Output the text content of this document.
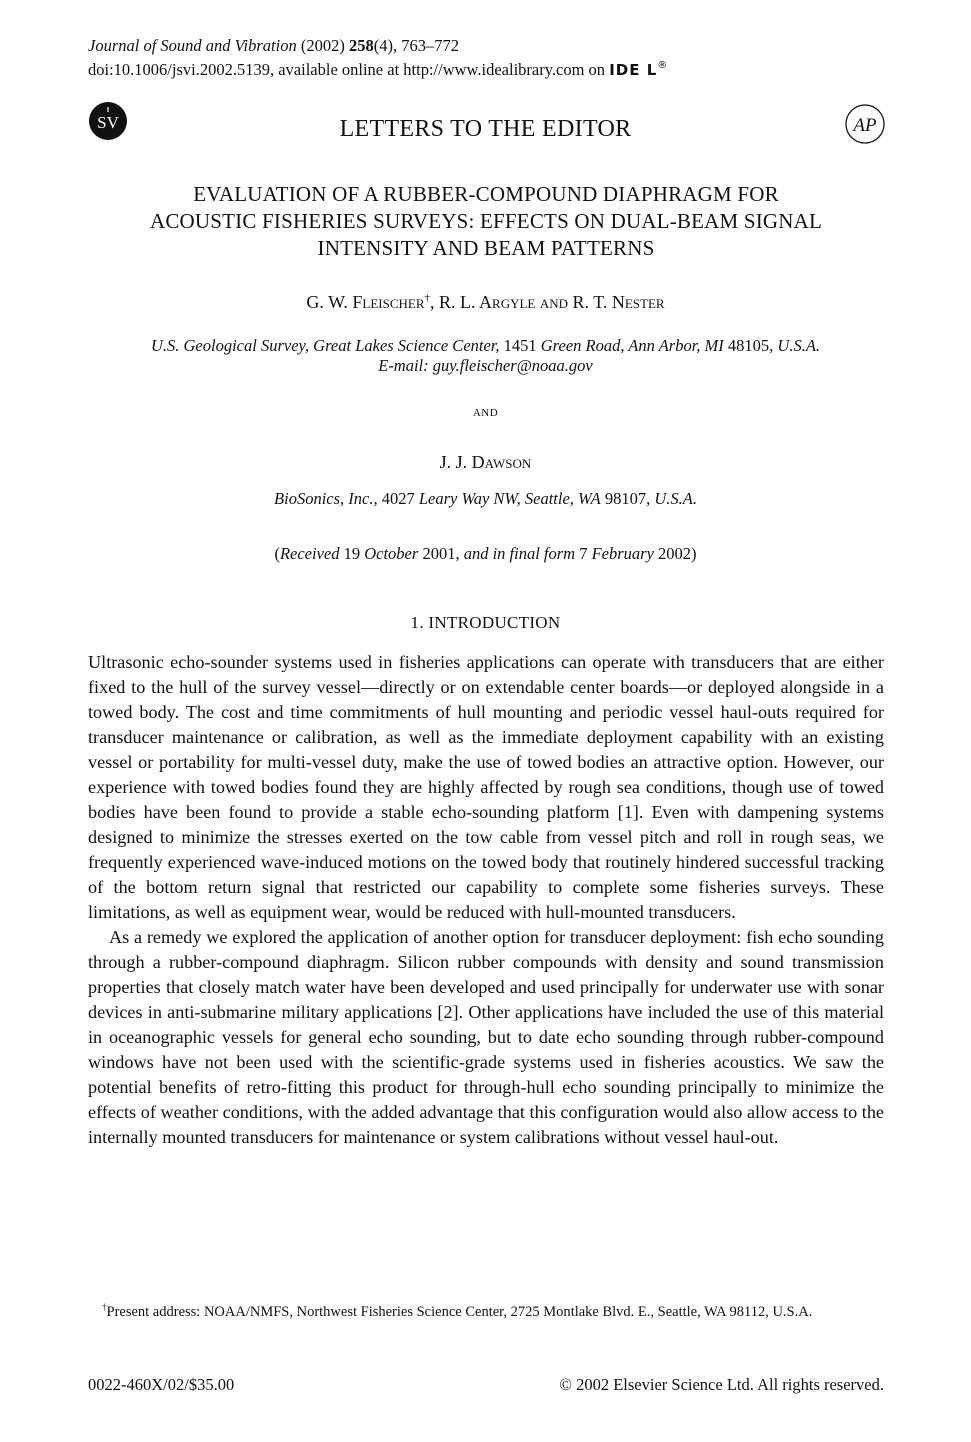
Journal of Sound and Vibration (2002) 258(4), 763–772
doi:10.1006/jsvi.2002.5139, available online at http://www.idealibrary.com on IDE L®
SV	LETTERS TO THE EDITOR	AP
EVALUATION OF A RUBBER-COMPOUND DIAPHRAGM FOR
ACOUSTIC FISHERIES SURVEYS: EFFECTS ON DUAL-BEAM SIGNAL
INTENSITY AND BEAM PATTERNS
G. W. Fleischer†, R. L. Argyle and R. T. Nester
U.S. Geological Survey, Great Lakes Science Center, 1451 Green Road, Ann Arbor, MI 48105, U.S.A.
E-mail: guy.fleischer@noaa.gov
and
J. J. Dawson
BioSonics, Inc., 4027 Leary Way NW, Seattle, WA 98107, U.S.A.
(Received 19 October 2001, and in final form 7 February 2002)
1. INTRODUCTION

Ultrasonic echo-sounder systems used in fisheries applications can operate with transducers that are either fixed to the hull of the survey vessel—directly or on extendable center boards—or deployed alongside in a towed body. The cost and time commitments of hull mounting and periodic vessel haul-outs required for transducer maintenance or calibration, as well as the immediate deployment capability with an existing vessel or portability for multi-vessel duty, make the use of towed bodies an attractive option. However, our experience with towed bodies found they are highly affected by rough sea conditions, though use of towed bodies have been found to provide a stable echo-sounding platform [1]. Even with dampening systems designed to minimize the stresses exerted on the tow cable from vessel pitch and roll in rough seas, we frequently experienced wave-induced motions on the towed body that routinely hindered successful tracking of the bottom return signal that restricted our capability to complete some fisheries surveys. These limitations, as well as equipment wear, would be reduced with hull-mounted transducers.

As a remedy we explored the application of another option for transducer deployment: fish echo sounding through a rubber-compound diaphragm. Silicon rubber compounds with density and sound transmission properties that closely match water have been developed and used principally for underwater use with sonar devices in anti-submarine military applications [2]. Other applications have included the use of this material in oceanographic vessels for general echo sounding, but to date echo sounding through rubber-compound windows have not been used with the scientific-grade systems used in fisheries acoustics. We saw the potential benefits of retro-fitting this product for through-hull echo sounding principally to minimize the effects of weather conditions, with the added advantage that this configuration would also allow access to the internally mounted transducers for maintenance or system calibrations without vessel haul-out.

†Present address: NOAA/NMFS, Northwest Fisheries Science Center, 2725 Montlake Blvd. E., Seattle, WA 98112, U.S.A.
0022-460X/02/$35.00	© 2002 Elsevier Science Ltd. All rights reserved.
